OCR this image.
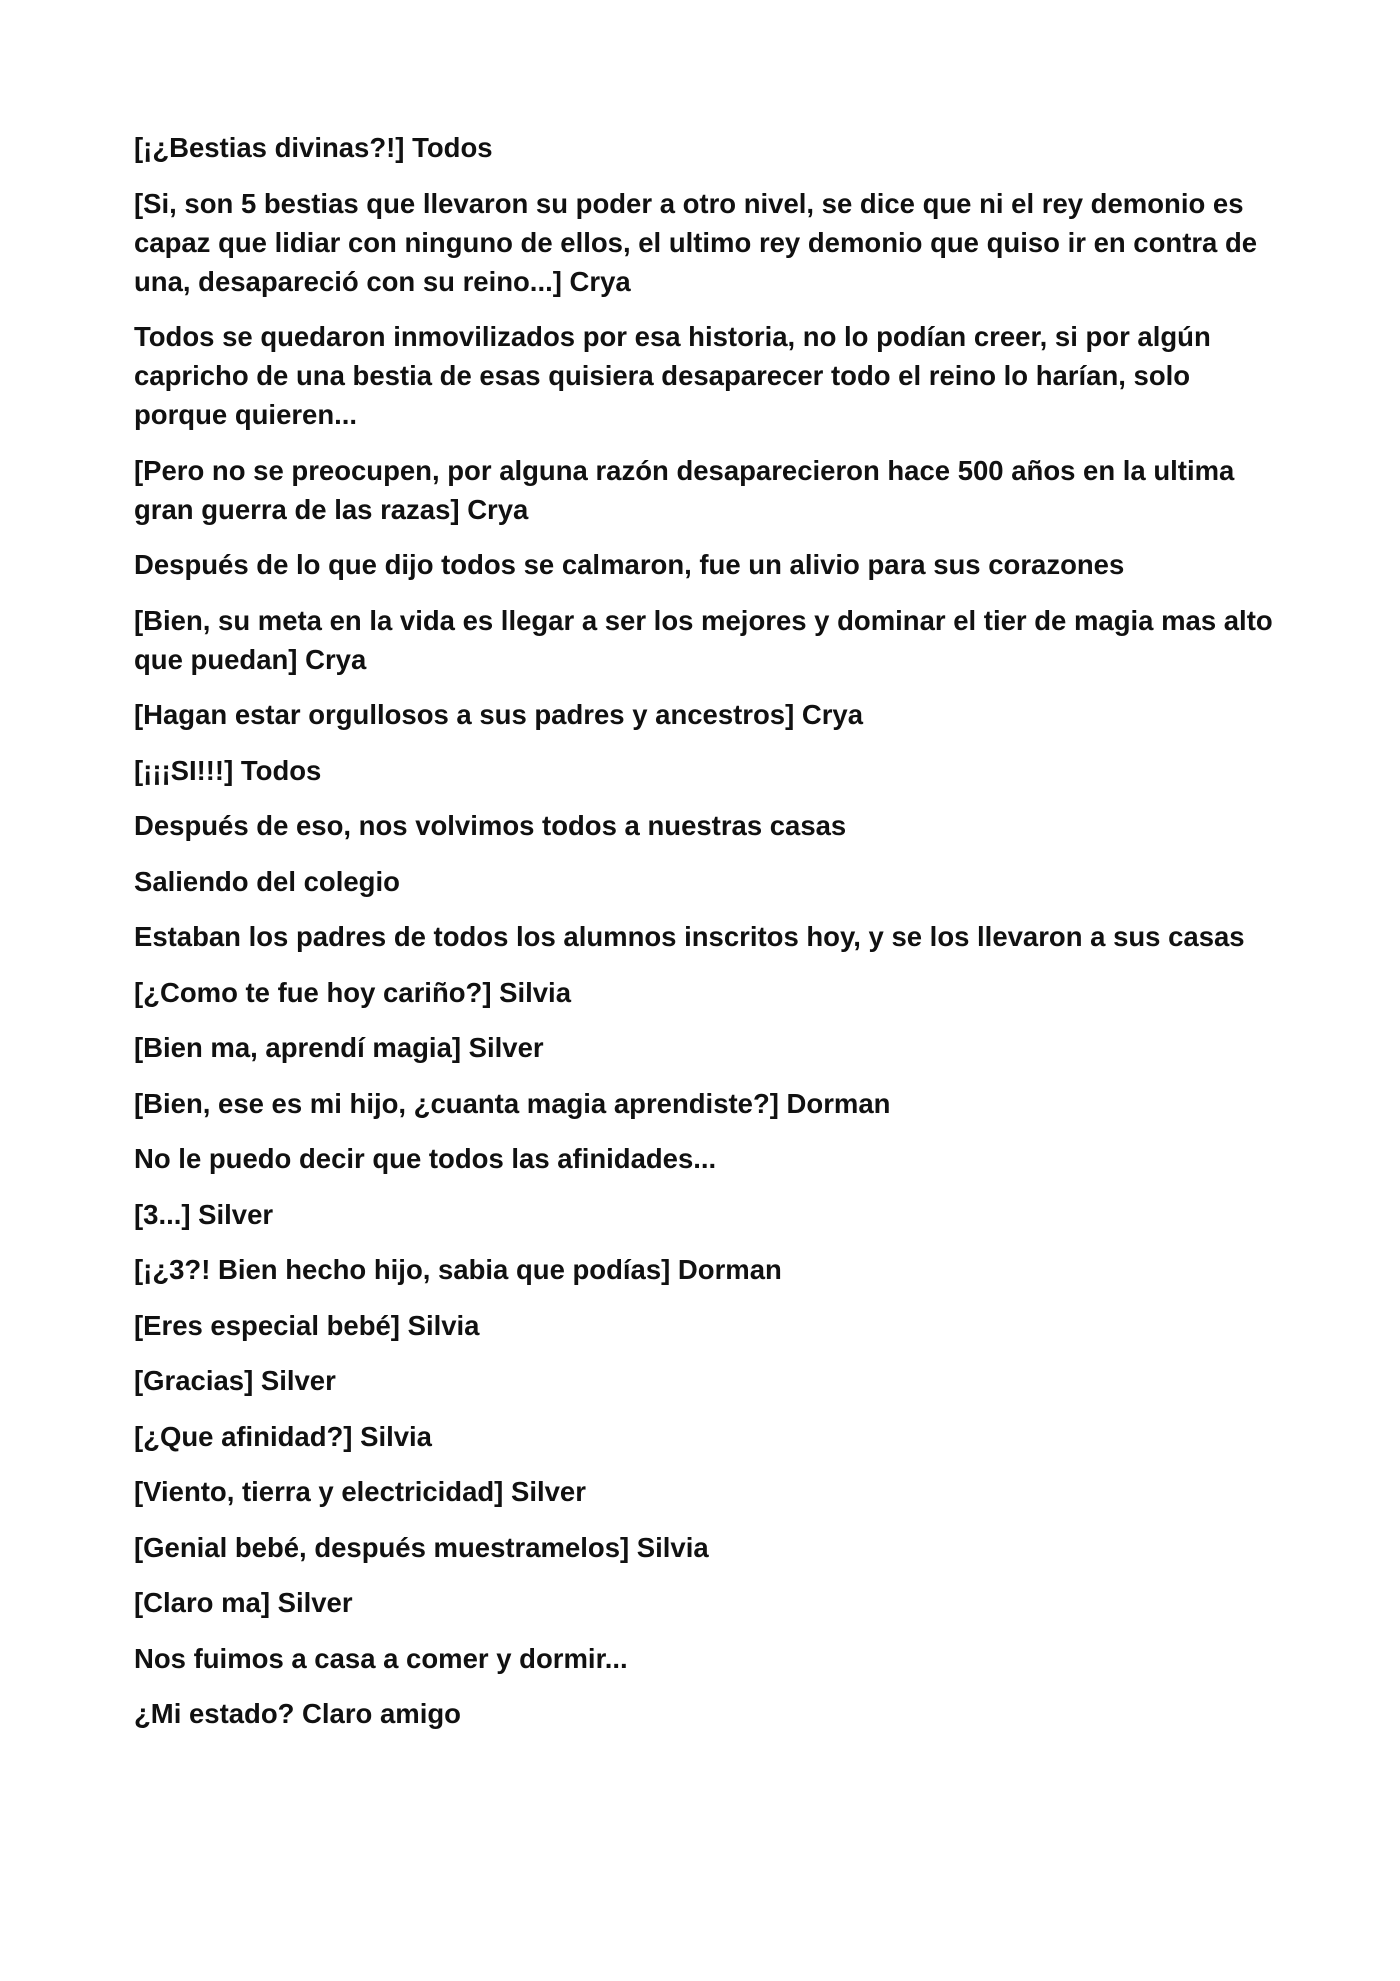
[¡¿Bestias divinas?!] Todos

[Si, son 5 bestias que llevaron su poder a otro nivel, se dice que ni el rey demonio es capaz que lidiar con ninguno de ellos, el ultimo rey demonio que quiso ir en contra de una, desapareció con su reino...] Crya

Todos se quedaron inmovilizados por esa historia, no lo podían creer, si por algún capricho de una bestia de esas quisiera desaparecer todo el reino lo harían, solo porque quieren...

[Pero no se preocupen, por alguna razón desaparecieron hace 500 años en la ultima gran guerra de las razas] Crya

Después de lo que dijo todos se calmaron, fue un alivio para sus corazones

[Bien, su meta en la vida es llegar a ser los mejores y dominar el tier de magia mas alto que puedan] Crya

[Hagan estar orgullosos a sus padres y ancestros] Crya

[¡¡¡SI!!!] Todos

Después de eso, nos volvimos todos a nuestras casas

Saliendo del colegio

Estaban los padres de todos los alumnos inscritos hoy, y se los llevaron a sus casas

[¿Como te fue hoy cariño?] Silvia

[Bien ma, aprendí magia] Silver

[Bien, ese es mi hijo, ¿cuanta magia aprendiste?] Dorman

No le puedo decir que todos las afinidades...

[3...] Silver

[¡¿3?! Bien hecho hijo, sabia que podías] Dorman

[Eres especial bebé] Silvia

[Gracias] Silver

[¿Que afinidad?] Silvia

[Viento, tierra y electricidad] Silver

[Genial bebé, después muestramelos] Silvia

[Claro ma] Silver

Nos fuimos a casa a comer y dormir...

¿Mi estado? Claro amigo
